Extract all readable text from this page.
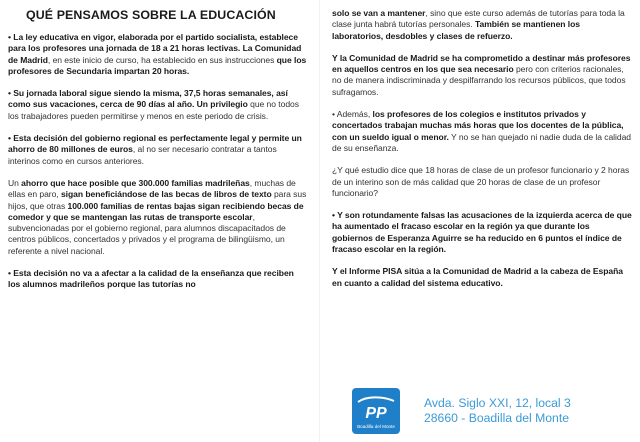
QUÉ PENSAMOS SOBRE LA EDUCACIÓN

• La ley educativa en vigor, elaborada por el partido socialista, establece para los profesores una jornada de 18 a 21 horas lectivas. La Comunidad de Madrid, en este inicio de curso, ha establecido en sus instrucciones que los profesores de Secundaria impartan 20 horas.

• Su jornada laboral sigue siendo la misma, 37,5 horas semanales, así como sus vacaciones, cerca de 90 días al año. Un privilegio que no todos los trabajadores pueden permitirse y menos en este periodo de crisis.

• Esta decisión del gobierno regional es perfectamente legal y permite un ahorro de 80 millones de euros, al no ser necesario contratar a tantos interinos como en cursos anteriores.

Un ahorro que hace posible que 300.000 familias madrileñas, muchas de ellas en paro, sigan beneficiándose de las becas de libros de texto para sus hijos, que otras 100.000 familias de rentas bajas sigan recibiendo becas de comedor y que se mantengan las rutas de transporte escolar, subvencionadas por el gobierno regional, para alumnos discapacitados de centros públicos, concertados y privados y el programa de bilingüismo, un referente a nivel nacional.

• Esta decisión no va a afectar a la calidad de la enseñanza que reciben los alumnos madrileños porque las tutorías no

solo se van a mantener, sino que este curso además de tutorías para toda la clase junta habrá tutorías personales. También se mantienen los laboratorios, desdobles y clases de refuerzo.

Y la Comunidad de Madrid se ha comprometido a destinar más profesores en aquellos centros en los que sea necesario pero con criterios racionales, no de manera indiscriminada y despilfarrando los recursos públicos, que todos sufragamos.

• Además, los profesores de los colegios e institutos privados y concertados trabajan muchas más horas que los docentes de la pública, con un sueldo igual o menor. Y no se han quejado ni nadie duda de la calidad de su enseñanza.

¿Y qué estudio dice que 18 horas de clase de un profesor funcionario y 2 horas de un interino son de más calidad que 20 horas de clase de un profesor funcionario?

• Y son rotundamente falsas las acusaciones de la izquierda acerca de que ha aumentado el fracaso escolar en la región ya que durante los gobiernos de Esperanza Aguirre se ha reducido en 6 puntos el índice de fracaso escolar en la región.

Y el Informe PISA sitúa a la Comunidad de Madrid a la cabeza de España en cuanto a calidad del sistema educativo.

PP
Boadilla del Monte
Avda. Siglo XXI, 12, local 3
28660 - Boadilla del Monte
